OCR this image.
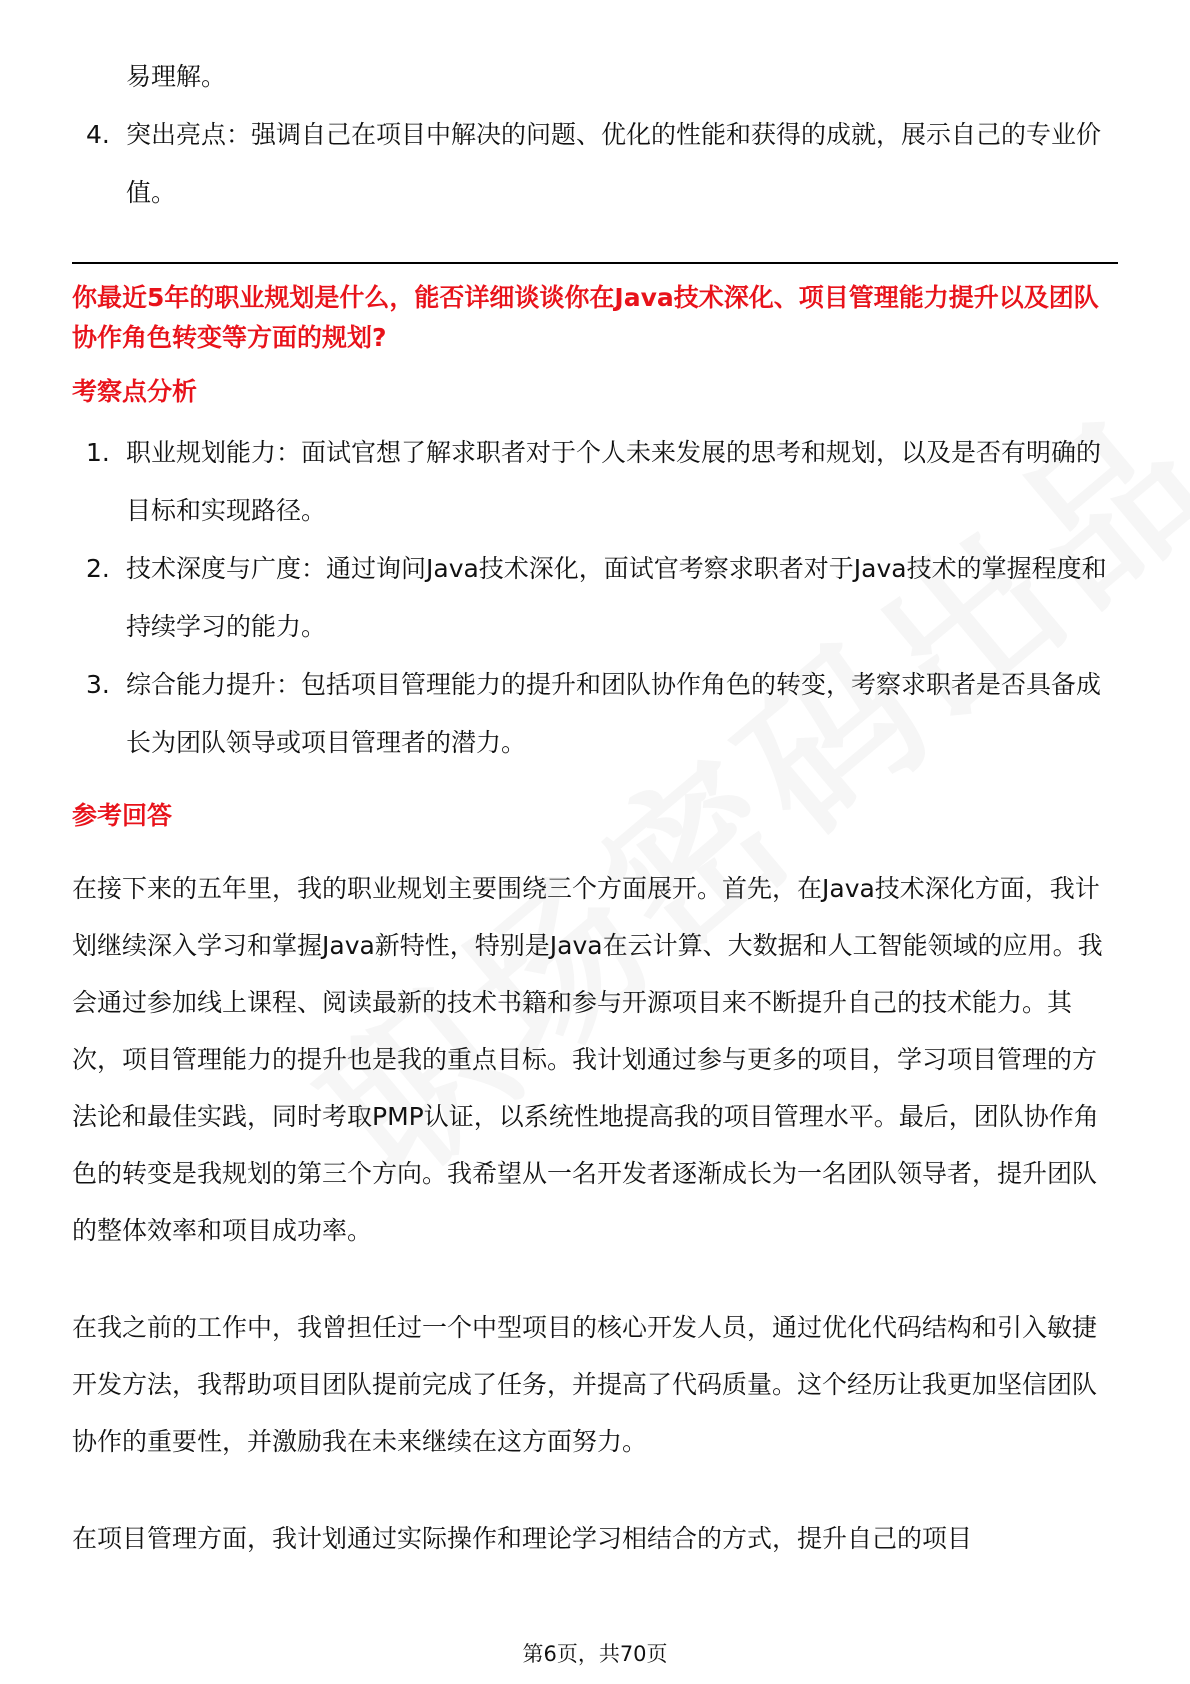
易理解。

4. 突出亮点：强调自己在项目中解决的问题、优化的性能和获得的成就，展示自己的专业价值。

你最近5年的职业规划是什么，能否详细谈谈你在Java技术深化、项目管理能力提升以及团队协作角色转变等方面的规划?

考察点分析

1. 职业规划能力：面试官想了解求职者对于个人未来发展的思考和规划，以及是否有明确的目标和实现路径。
2. 技术深度与广度：通过询问Java技术深化，面试官考察求职者对于Java技术的掌握程度和持续学习的能力。
3. 综合能力提升：包括项目管理能力的提升和团队协作角色的转变，考察求职者是否具备成长为团队领导或项目管理者的潜力。

参考回答

在接下来的五年里，我的职业规划主要围绕三个方面展开。首先，在Java技术深化方面，我计划继续深入学习和掌握Java新特性，特别是Java在云计算、大数据和人工智能领域的应用。我会通过参加线上课程、阅读最新的技术书籍和参与开源项目来不断提升自己的技术能力。其次，项目管理能力的提升也是我的重点目标。我计划通过参与更多的项目，学习项目管理的方法论和最佳实践，同时考取PMP认证，以系统性地提高我的项目管理水平。最后，团队协作角色的转变是我规划的第三个方向。我希望从一名开发者逐渐成长为一名团队领导者，提升团队的整体效率和项目成功率。

在我之前的工作中，我曾担任过一个中型项目的核心开发人员，通过优化代码结构和引入敏捷开发方法，我帮助项目团队提前完成了任务，并提高了代码质量。这个经历让我更加坚信团队协作的重要性，并激励我在未来继续在这方面努力。

在项目管理方面，我计划通过实际操作和理论学习相结合的方式，提升自己的项目

第6页，共70页
